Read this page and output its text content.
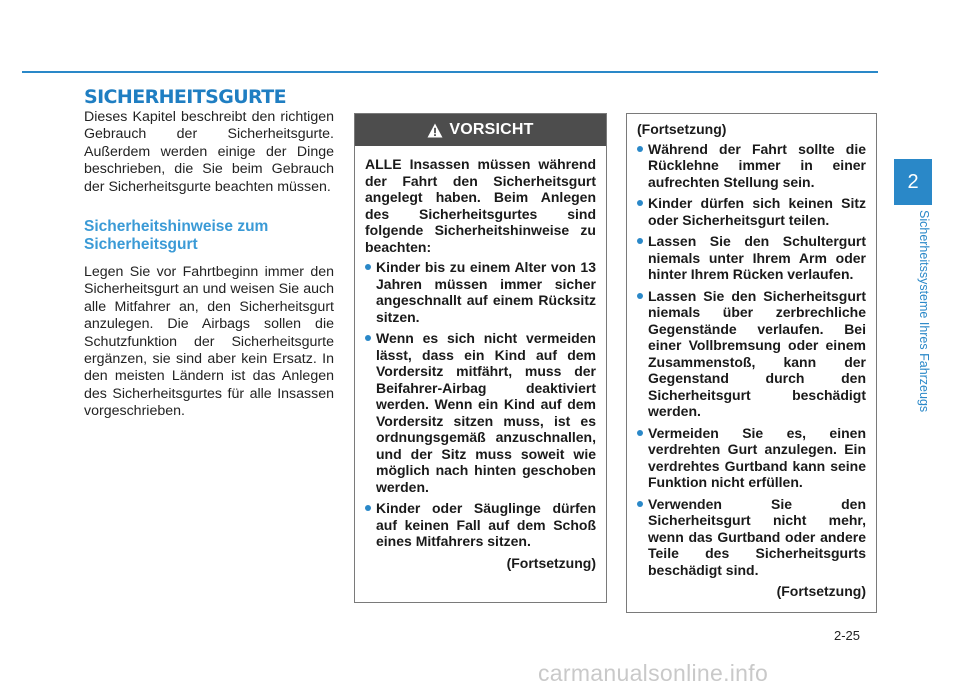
SICHERHEITSGURTE

Dieses Kapitel beschreibt den richtigen Gebrauch der Sicherheitsgurte. Außerdem werden einige der Dinge beschrieben, die Sie beim Gebrauch der Sicherheitsgurte beachten müssen.

Sicherheitshinweise zum Sicherheitsgurt

Legen Sie vor Fahrtbeginn immer den Sicherheitsgurt an und weisen Sie auch alle Mitfahrer an, den Sicherheitsgurt anzulegen. Die Airbags sollen die Schutzfunktion der Sicherheitsgurte ergänzen, sie sind aber kein Ersatz. In den meisten Ländern ist das Anlegen des Sicherheitsgurtes für alle Insassen vorgeschrieben.

VORSICHT

ALLE Insassen müssen während der Fahrt den Sicherheitsgurt angelegt haben. Beim Anlegen des Sicherheitsgurtes sind folgende Sicherheitshinweise zu beachten:

Kinder bis zu einem Alter von 13 Jahren müssen immer sicher angeschnallt auf einem Rücksitz sitzen.
Wenn es sich nicht vermeiden lässt, dass ein Kind auf dem Vordersitz mitfährt, muss der Beifahrer-Airbag deaktiviert werden. Wenn ein Kind auf dem Vordersitz sitzen muss, ist es ordnungsgemäß anzuschnallen, und der Sitz muss soweit wie möglich nach hinten geschoben werden.
Kinder oder Säuglinge dürfen auf keinen Fall auf dem Schoß eines Mitfahrers sitzen.

(Fortsetzung)

(Fortsetzung)

Während der Fahrt sollte die Rücklehne immer in einer aufrechten Stellung sein.
Kinder dürfen sich keinen Sitz oder Sicherheitsgurt teilen.
Lassen Sie den Schultergurt niemals unter Ihrem Arm oder hinter Ihrem Rücken verlaufen.
Lassen Sie den Sicherheitsgurt niemals über zerbrechliche Gegenstände verlaufen. Bei einer Vollbremsung oder einem Zusammenstoß, kann der Gegenstand durch den Sicherheitsgurt beschädigt werden.
Vermeiden Sie es, einen verdrehten Gurt anzulegen. Ein verdrehtes Gurtband kann seine Funktion nicht erfüllen.
Verwenden Sie den Sicherheitsgurt nicht mehr, wenn das Gurtband oder andere Teile des Sicherheitsgurts beschädigt sind.

(Fortsetzung)

2
Sicherheitssysteme Ihres Fahrzeugs
2-25
carmanualsonline.info
